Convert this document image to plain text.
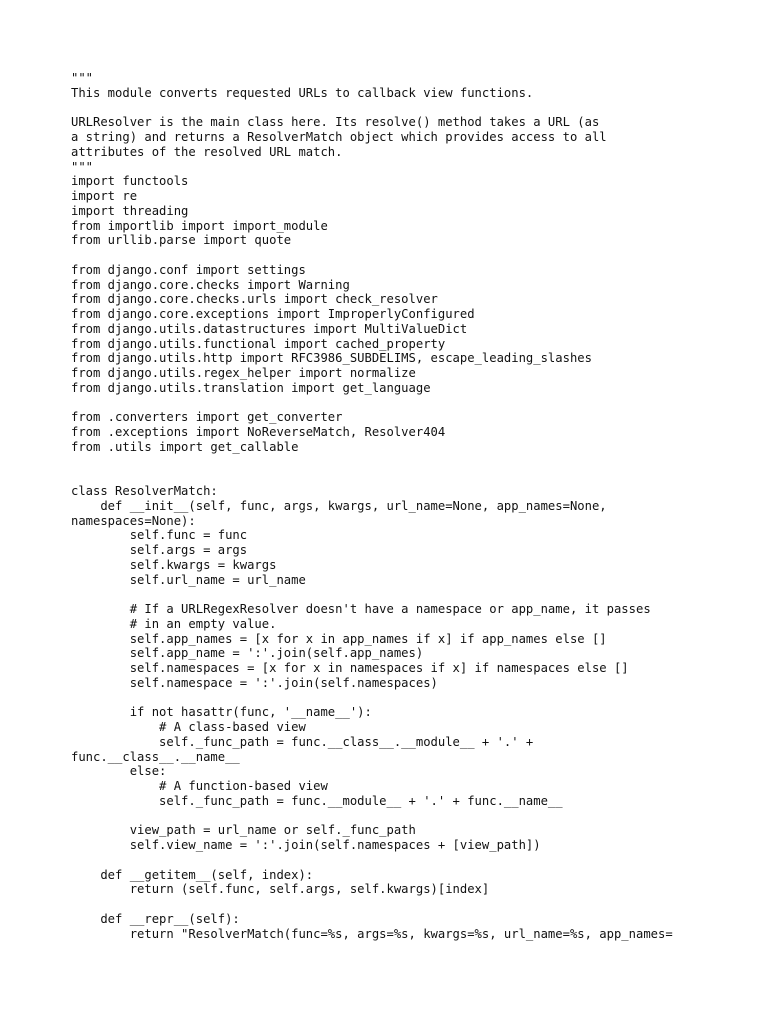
"""
This module converts requested URLs to callback view functions.
URLResolver is the main class here. Its resolve() method takes a URL (as
a string) and returns a ResolverMatch object which provides access to all
attributes of the resolved URL match.
"""
import functools
import re
import threading
from importlib import import_module
from urllib.parse import quote
from django.conf import settings
from django.core.checks import Warning
from django.core.checks.urls import check_resolver
from django.core.exceptions import ImproperlyConfigured
from django.utils.datastructures import MultiValueDict
from django.utils.functional import cached_property
from django.utils.http import RFC3986_SUBDELIMS, escape_leading_slashes
from django.utils.regex_helper import normalize
from django.utils.translation import get_language
from .converters import get_converter
from .exceptions import NoReverseMatch, Resolver404
from .utils import get_callable
class ResolverMatch:
def __init__(self, func, args, kwargs, url_name=None, app_names=None,
namespaces=None):
self.func = func
self.args = args
self.kwargs = kwargs
self.url_name = url_name
# If a URLRegexResolver doesn't have a namespace or app_name, it passes
# in an empty value.
self.app_names = [x for x in app_names if x] if app_names else []
self.app_name = ':'.join(self.app_names)
self.namespaces = [x for x in namespaces if x] if namespaces else []
self.namespace = ':'.join(self.namespaces)
if not hasattr(func, '__name__'):
# A class-based view
self._func_path = func.__class__.__module__ + '.' +
func.__class__.__name__
else:
# A function-based view
self._func_path = func.__module__ + '.' + func.__name__
view_path = url_name or self._func_path
self.view_name = ':'.join(self.namespaces + [view_path])
def __getitem__(self, index):
return (self.func, self.args, self.kwargs)[index]
def __repr__(self):
return "ResolverMatch(func=%s, args=%s, kwargs=%s, url_name=%s, app_names=
